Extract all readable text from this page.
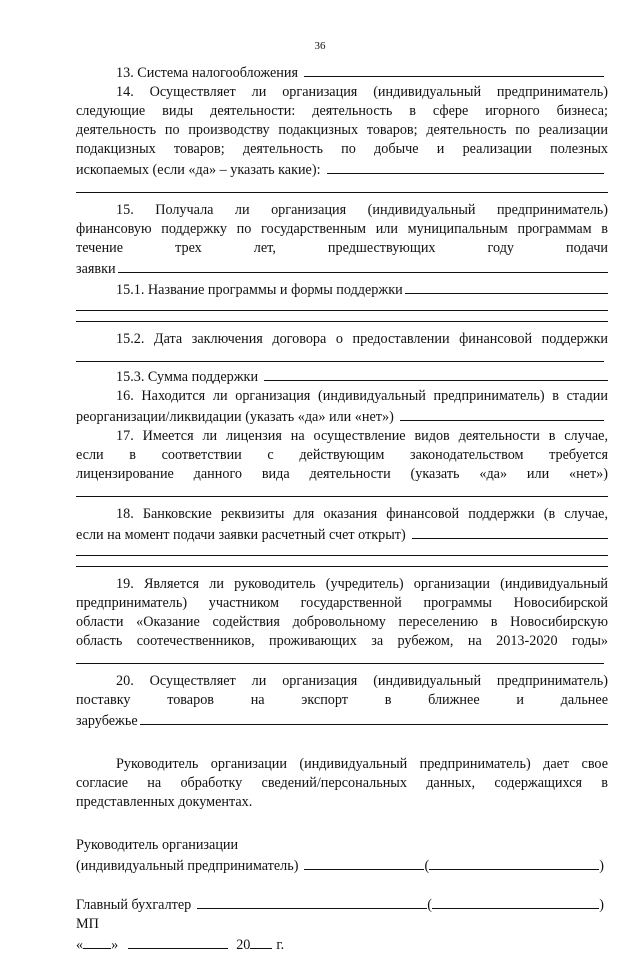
36
13. Система налогообложения
14. Осуществляет ли организация (индивидуальный предприниматель)
следующие виды деятельности: деятельность в сфере игорного бизнеса;
деятельность по производству подакцизных товаров; деятельность по реализации
подакцизных товаров; деятельность по добыче и реализации полезных
ископаемых (если «да» – указать какие):
15. Получала ли организация (индивидуальный предприниматель)
финансовую поддержку по государственным или муниципальным программам в
течение трех лет, предшествующих году подачи
заявки
15.1. Название программы и формы поддержки
15.2. Дата заключения договора о предоставлении финансовой поддержки
15.3. Сумма поддержки
16. Находится ли организация (индивидуальный предприниматель) в стадии
реорганизации/ликвидации (указать «да» или «нет»)
17. Имеется ли лицензия на осуществление видов деятельности в случае,
если в соответствии с действующим законодательством требуется
лицензирование данного вида деятельности (указать «да» или «нет»)
18. Банковские реквизиты для оказания финансовой поддержки (в случае,
если на момент подачи заявки расчетный счет открыт)
19. Является ли руководитель (учредитель) организации (индивидуальный
предприниматель) участником государственной программы Новосибирской
области «Оказание содействия добровольному переселению в Новосибирскую
область соотечественников, проживающих за рубежом, на 2013-2020 годы»
20. Осуществляет ли организация (индивидуальный предприниматель)
поставку товаров на экспорт в ближнее и дальнее
зарубежье
Руководитель организации (индивидуальный предприниматель) дает свое
согласие на обработку сведений/персональных данных, содержащихся в
представленных документах.
Руководитель организации
(индивидуальный предприниматель)	(	)
Главный бухгалтер	(	)
МП
« »	20 г.
